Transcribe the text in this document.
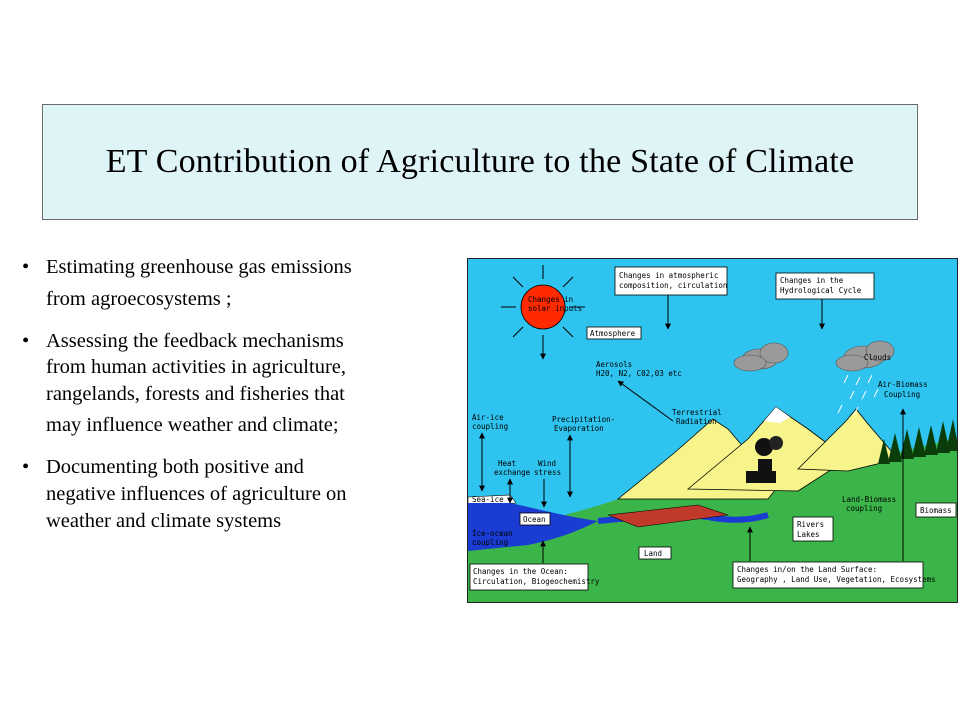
ET Contribution of Agriculture to the State of Climate
• Estimating greenhouse gas emissions
from agroecosystems ;
• Assessing the feedback mechanisms
from human activities in agriculture,
rangelands, forests and fisheries that
may influence weather and climate;
• Documenting both positive and
negative influences of agriculture on
weather and climate systems
Changes in
solar inputs
Clouds
Changes in atmospheric
composition, circulation
Changes in the
Hydrological Cycle
Atmosphere
Aerosols
H20, N2, C02,03 etc
Terrestrial
Radiation
Precipitation-
Evaporation
Air-ice
coupling
Heat
exchange
Wind
stress
Sea-ice
Ocean
Ice-ocean
coupling
Land
Rivers
Lakes
Air-Biomass
Coupling
Land-Biomass
coupling	Biomass
Changes in the Ocean:
Circulation, Biogeochemistry
Changes in/on the Land Surface:
Geography , Land Use, Vegetation, Ecosystems
